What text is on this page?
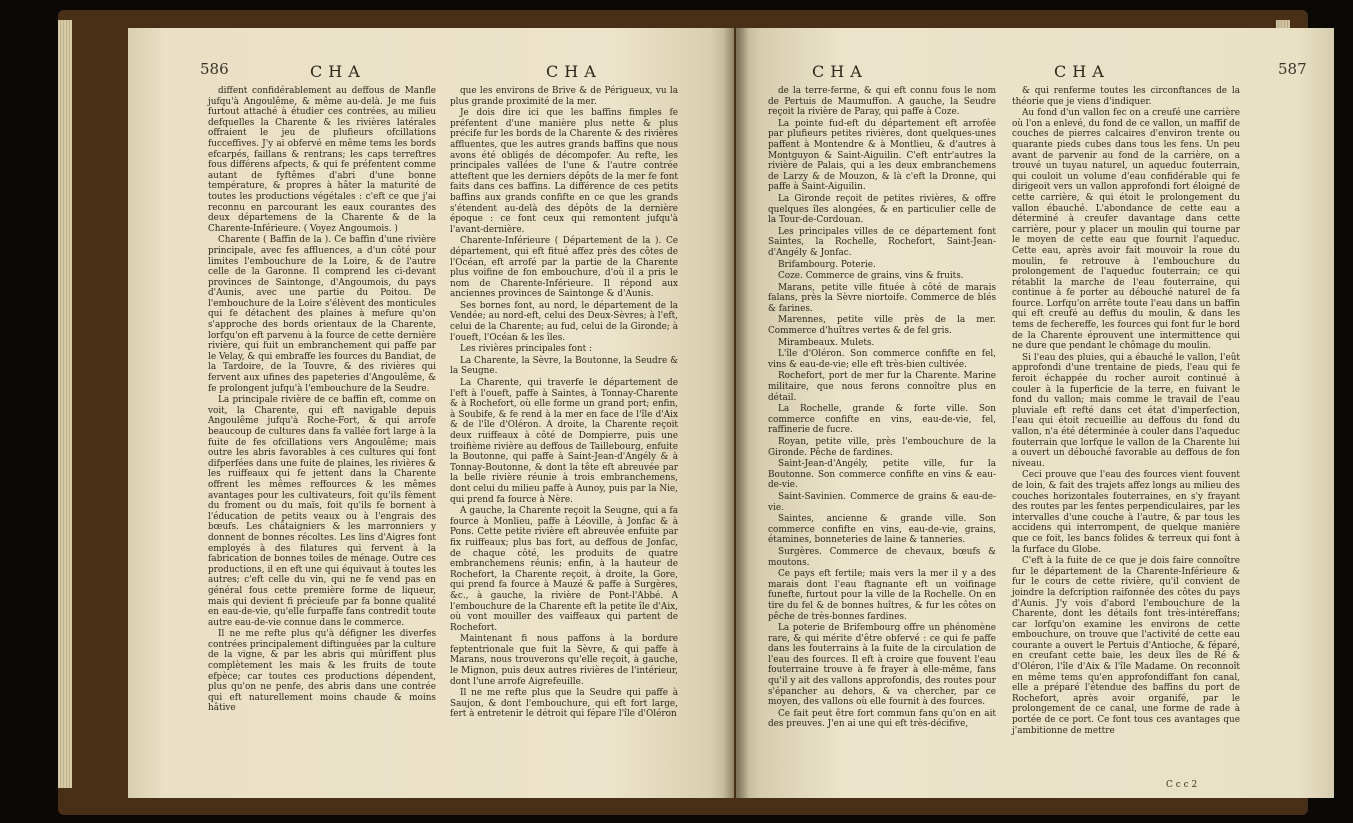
586	CHA	CHA

diffent confidérablement au deffous de Manfle jufqu'à Angoulême, & même au-delà. Je me fuis furtout attaché à étudier ces contrées, au milieu defquelles la Charente & les rivières latérales offraient le jeu de plufieurs ofcillations fucceffives. J'y ai obfervé en même tems les bords efcarpés, faillans & rentrans; les caps terreftres fous différens afpects, & qui fe préfentent comme autant de fyftêmes d'abri d'une bonne température, & propres à hâter la maturité de toutes les productions végétales : c'eft ce que j'ai reconnu en parcourant les eaux courantes des deux départemens de la Charente & de la Charente-Inférieure. ( Voyez Angoumois. )

Charente ( Baffin de la ). Ce baffin d'une rivière principale, avec fes affluences, a d'un côté pour limites l'embouchure de la Loire, & de l'autre celle de la Garonne. Il comprend les ci-devant provinces de Saintonge, d'Angoumois, du pays d'Aunis, avec une partie du Poitou. De l'embouchure de la Loire s'élèvent des monticules qui fe détachent des plaines à mefure qu'on s'approche des bords orientaux de la Charente, lorfqu'on eft parvenu à la fource de cette dernière rivière, qui fuit un embranchement qui paffe par le Velay, & qui embraffe les fources du Bandiat, de la Tardoire, de la Touvre, & des rivières qui fervent aux ufines des papeteries d'Angoulême, & fe prolongent jufqu'à l'embouchure de la Seudre.

La principale rivière de ce baffin eft, comme on voit, la Charente, qui eft navigable depuis Angoulême jufqu'à Roche-Fort, & qui arrofe beaucoup de cultures dans fa vallée fort large à la fuite de fes ofcillations vers Angoulême; mais outre les abris favorables à ces cultures qui font difperfées dans une fuite de plaines, les rivières & les ruiffeaux qui fe jettent dans la Charente offrent les mêmes reffources & les mêmes avantages pour les cultivateurs, foit qu'ils fèment du froment ou du maïs, foit qu'ils fe bornent à l'éducation de petits veaux ou à l'engrais des bœufs. Les châtaigniers & les marronniers y donnent de bonnes récoltes. Les lins d'Aigres font employés à des filatures qui fervent à la fabrication de bonnes toiles de ménage. Outre ces productions, il en eft une qui équivaut à toutes les autres; c'eft celle du vin, qui ne fe vend pas en général fous cette première forme de liqueur, mais qui devient fi précieufe par fa bonne qualité en eau-de-vie, qu'elle furpaffe fans contredit toute autre eau-de-vie connue dans le commerce.

Il ne me refte plus qu'à défigner les diverfes contrées principalement diftinguées par la culture de la vigne, & par les abris qui mûriffent plus complètement les mais & les fruits de toute efpèce; car toutes ces productions dépendent, plus qu'on ne penfe, des abris dans une contrée qui eft naturellement moins chaude & moins hâtive

que les environs de Brive & de Périgueux, vu la plus grande proximité de la mer.

Je dois dire ici que les baffins fimples fe préfentent d'une manière plus nette & plus précife fur les bords de la Charente & des rivières affluentes, que les autres grands baffins que nous avons été obligés de décompofer. Au refte, les principales vallées de l'une & l'autre contrée atteftent que les derniers dépôts de la mer fe font faits dans ces baffins. La différence de ces petits baffins aux grands confifte en ce que les grands s'étendent au-delà des dépôts de la dernière époque : ce font ceux qui remontent jufqu'à l'avant-dernière.

Charente-Inférieure ( Département de la ). Ce département, qui eft fitué affez près des côtes de l'Océan, eft arrofé par la partie de la Charente plus voifine de fon embouchure, d'où il a pris le nom de Charente-Inférieure. Il répond aux anciennes provinces de Saintonge & d'Aunis.

Ses bornes font, au nord, le département de la Vendée; au nord-eft, celui des Deux-Sèvres; à l'eft, celui de la Charente; au fud, celui de la Gironde; à l'oueft, l'Océan & les îles.

Les rivières principales font :

La Charente, la Sèvre, la Boutonne, la Seudre & la Seugne.

La Charente, qui traverfe le département de l'eft à l'oueft, paffe à Saintes, à Tonnay-Charente & à Rochefort, où elle forme un grand port; enfin, à Soubife, & fe rend à la mer en face de l'île d'Aix & de l'île d'Oléron. A droite, la Charente reçoit deux ruiffeaux à côté de Dompierre, puis une troifième rivière au deffous de Taillebourg, enfuite la Boutonne, qui paffe à Saint-Jean-d'Angély & à Tonnay-Boutonne, & dont la tête eft abreuvée par la belle rivière réunie à trois embranchemens, dont celui du milieu paffe à Aunoy, puis par la Nie, qui prend fa fource à Nère.

A gauche, la Charente reçoit la Seugne, qui a fa fource à Monlieu, paffe à Léoville, à Jonfac & à Pons. Cette petite rivière eft abreuvée enfuite par fix ruiffeaux; plus bas fort, au deffous de Jonfac, de chaque côté, les produits de quatre embranchemens réunis; enfin, à la hauteur de Rochefort, la Charente reçoit, à droite, la Gore, qui prend fa fource à Mauzé & paffe à Surgères, &c., à gauche, la rivière de Pont-l'Abbé. A l'embouchure de la Charente eft la petite île d'Aix, où vont mouiller des vaiffeaux qui partent de Rochefort.

Maintenant fi nous paffons à la bordure feptentrionale que fuit la Sèvre, & qui paffe à Marans, nous trouverons qu'elle reçoit, à gauche, le Mignon, puis deux autres rivières de l'intérieur, dont l'une arrofe Aigrefeuille.

Il ne me refte plus que la Seudre qui paffe à Saujon, & dont l'embouchure, qui eft fort large, fert à entretenir le détroit qui fépare l'île d'Oléron

CHA	CHA	587

de la terre-ferme, & qui eft connu fous le nom de Pertuis de Maumuffon. A gauche, la Seudre reçoit la rivière de Paray, qui paffe à Coze.

La pointe fud-eft du département eft arrofée par plufieurs petites rivières, dont quelques-unes paffent à Montendre & à Montlieu, & d'autres à Montguyon & Saint-Aiguilin. C'eft entr'autres la rivière de Palais, qui a les deux embranchemens de Larzy & de Mouzon, & là c'eft la Dronne, qui paffe à Saint-Aiguilin.

La Gironde reçoit de petites rivières, & offre quelques îles alongées, & en particulier celle de la Tour-de-Cordouan.

Les principales villes de ce département font Saintes, la Rochelle, Rochefort, Saint-Jean-d'Angély & Jonfac.

Brifambourg. Poterie.

Coze. Commerce de grains, vins & fruits.

Marans, petite ville fituée à côté de marais falans, près la Sèvre niortoife. Commerce de blés & farines.

Marennes, petite ville près de la mer. Commerce d'huîtres vertes & de fel gris.

Mirambeaux. Mulets.

L'île d'Oléron. Son commerce confifte en fel, vins & eau-de-vie; elle eft très-bien cultivée.

Rochefort, port de mer fur la Charente. Marine militaire, que nous ferons connoître plus en détail.

La Rochelle, grande & forte ville. Son commerce confifte en vins, eau-de-vie, fel, raffinerie de fucre.

Royan, petite ville, près l'embouchure de la Gironde. Pêche de fardines.

Saint-Jean-d'Angély, petite ville, fur la Boutonne. Son commerce confifte en vins & eau-de-vie.

Saint-Savinien. Commerce de grains & eau-de-vie.

Saintes, ancienne & grande ville. Son commerce confifte en vins, eau-de-vie, grains, étamines, bonneteries de laine & tanneries.

Surgères. Commerce de chevaux, bœufs & moutons.

Ce pays eft fertile; mais vers la mer il y a des marais dont l'eau ftagnante eft un voifinage funefte, furtout pour la ville de la Rochelle. On en tire du fel & de bonnes huîtres, & fur les côtes on pêche de très-bonnes fardines.

La poterie de Brifembourg offre un phénomène rare, & qui mérite d'être obfervé : ce qui fe paffe dans les fouterrains à la fuite de la circulation de l'eau des fources. Il eft à croire que fouvent l'eau fouterraine trouve à fe frayer à elle-même, fans qu'il y ait des vallons approfondis, des routes pour s'épancher au dehors, & va chercher, par ce moyen, des vallons où elle fournit à des fources.

Ce fait peut être fort commun fans qu'on en ait des preuves. J'en ai une qui eft très-décifive,

& qui renferme toutes les circonftances de la théorie que je viens d'indiquer.

Au fond d'un vallon fec on a creufé une carrière où l'on a enlevé, du fond de ce vallon, un maffif de couches de pierres calcaires d'environ trente ou quarante pieds cubes dans tous les fens. Un peu avant de parvenir au fond de la carrière, on a trouvé un tuyau naturel, un aqueduc fouterrain, qui couloit un volume d'eau confidérable qui fe dirigeoit vers un vallon approfondi fort éloigné de cette carrière, & qui étoit le prolongement du vallon ébauché. L'abondance de cette eau a déterminé à creufer davantage dans cette carrière, pour y placer un moulin qui tourne par le moyen de cette eau que fournit l'aqueduc. Cette eau, après avoir fait mouvoir la roue du moulin, fe retrouve à l'embouchure du prolongement de l'aqueduc fouterrain; ce qui rétablit la marche de l'eau fouterraine, qui continue à fe porter au débouché naturel de fa fource. Lorfqu'on arrête toute l'eau dans un baffin qui eft creufé au deffus du moulin, & dans les tems de fechereffe, les fources qui font fur le bord de la Charente éprouvent une intermittence qui ne dure que pendant le chômage du moulin.

Si l'eau des pluies, qui a ébauché le vallon, l'eût approfondi d'une trentaine de pieds, l'eau qui fe feroit échappée du rocher auroit continué à couler à la fuperficie de la terre, en fuivant le fond du vallon; mais comme le travail de l'eau pluviale eft refté dans cet état d'imperfection, l'eau qui étoit recueillie au deffous du fond du vallon, n'a été déterminée à couler dans l'aqueduc fouterrain que lorfque le vallon de la Charente lui a ouvert un débouché favorable au deffous de fon niveau.

Ceci prouve que l'eau des fources vient fouvent de loin, & fait des trajets affez longs au milieu des couches horizontales fouterraines, en s'y frayant des routes par les fentes perpendiculaires, par les intervalles d'une couche à l'autre, & par tous les accidens qui interrompent, de quelque manière que ce foit, les bancs folides & terreux qui font à la furface du Globe.

C'eft à la fuite de ce que je dois faire connoître fur le département de la Charente-Inférieure & fur le cours de cette rivière, qu'il convient de joindre la defcription raifonnée des côtes du pays d'Aunis. J'y vois d'abord l'embouchure de la Charente, dont les détails font très-intéreffans; car lorfqu'on examine les environs de cette embouchure, on trouve que l'activité de cette eau courante a ouvert le Pertuis d'Antioche, & féparé, en creufant cette baie, les deux îles de Ré & d'Oléron, l'île d'Aix & l'île Madame. On reconnoît en même tems qu'en approfondiffant fon canal, elle a préparé l'étendue des baffins du port de Rochefort, après avoir organifé, par le prolongement de ce canal, une forme de rade à portée de ce port. Ce font tous ces avantages que j'ambitionne de mettre

C c c 2
